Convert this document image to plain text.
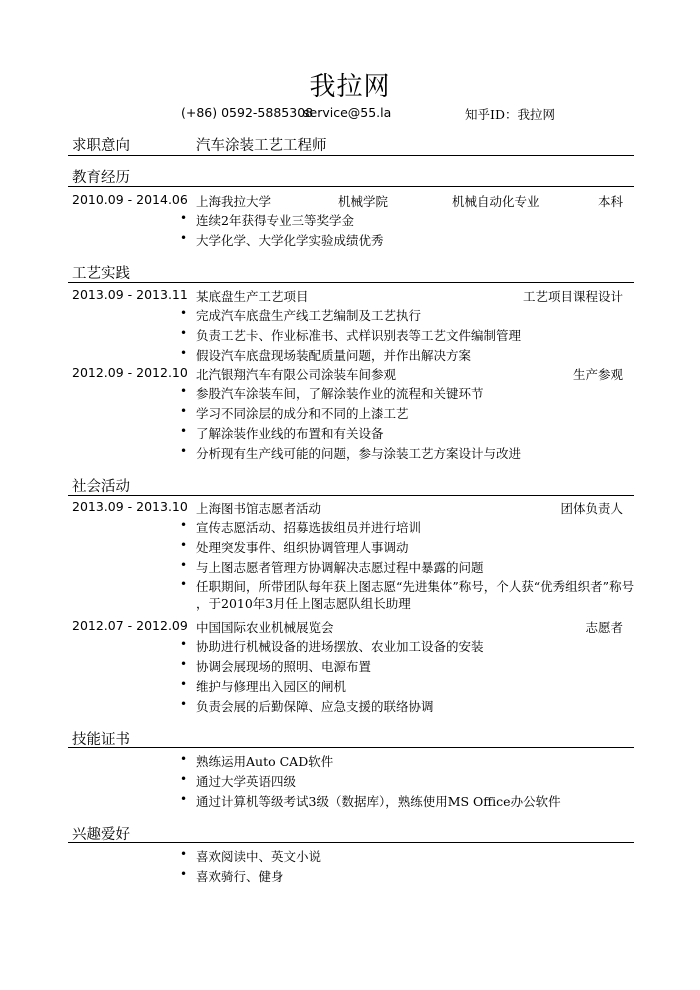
我拉网
(+86) 0592-5885308
service@55.la	知乎ID：我拉网
求职意向	汽车涂装工艺工程师
教育经历
2010.09 - 2014.06 上海我拉大学	机械学院	机械自动化专业	本科
• 连续2年获得专业三等奖学金
• 大学化学、大学化学实验成绩优秀
工艺实践
2013.09 - 2013.11 某底盘生产工艺项目	工艺项目课程设计
• 完成汽车底盘生产线工艺编制及工艺执行
• 负责工艺卡、作业标准书、式样识别表等工艺文件编制管理
• 假设汽车底盘现场装配质量问题，并作出解决方案
2012.09 - 2012.10 北汽银翔汽车有限公司涂装车间参观	生产参观
• 参股汽车涂装车间，了解涂装作业的流程和关键环节
• 学习不同涂层的成分和不同的上漆工艺
• 了解涂装作业线的布置和有关设备
• 分析现有生产线可能的问题，参与涂装工艺方案设计与改进
社会活动
2013.09 - 2013.10 上海图书馆志愿者活动	团体负责人
• 宣传志愿活动、招募选拔组员并进行培训
• 处理突发事件、组织协调管理人事调动
• 与上图志愿者管理方协调解决志愿过程中暴露的问题
• 任职期间，所带团队每年获上图志愿“先进集体”称号，个人获“优秀组织者”称号
，于2010年3月任上图志愿队组长助理
2012.07 - 2012.09 中国国际农业机械展览会	志愿者
• 协助进行机械设备的进场摆放、农业加工设备的安装
• 协调会展现场的照明、电源布置
• 维护与修理出入园区的闸机
• 负责会展的后勤保障、应急支援的联络协调
技能证书
• 熟练运用Auto CAD软件
• 通过大学英语四级
• 通过计算机等级考试3级（数据库），熟练使用MS Office办公软件
兴趣爱好
• 喜欢阅读中、英文小说
• 喜欢骑行、健身
